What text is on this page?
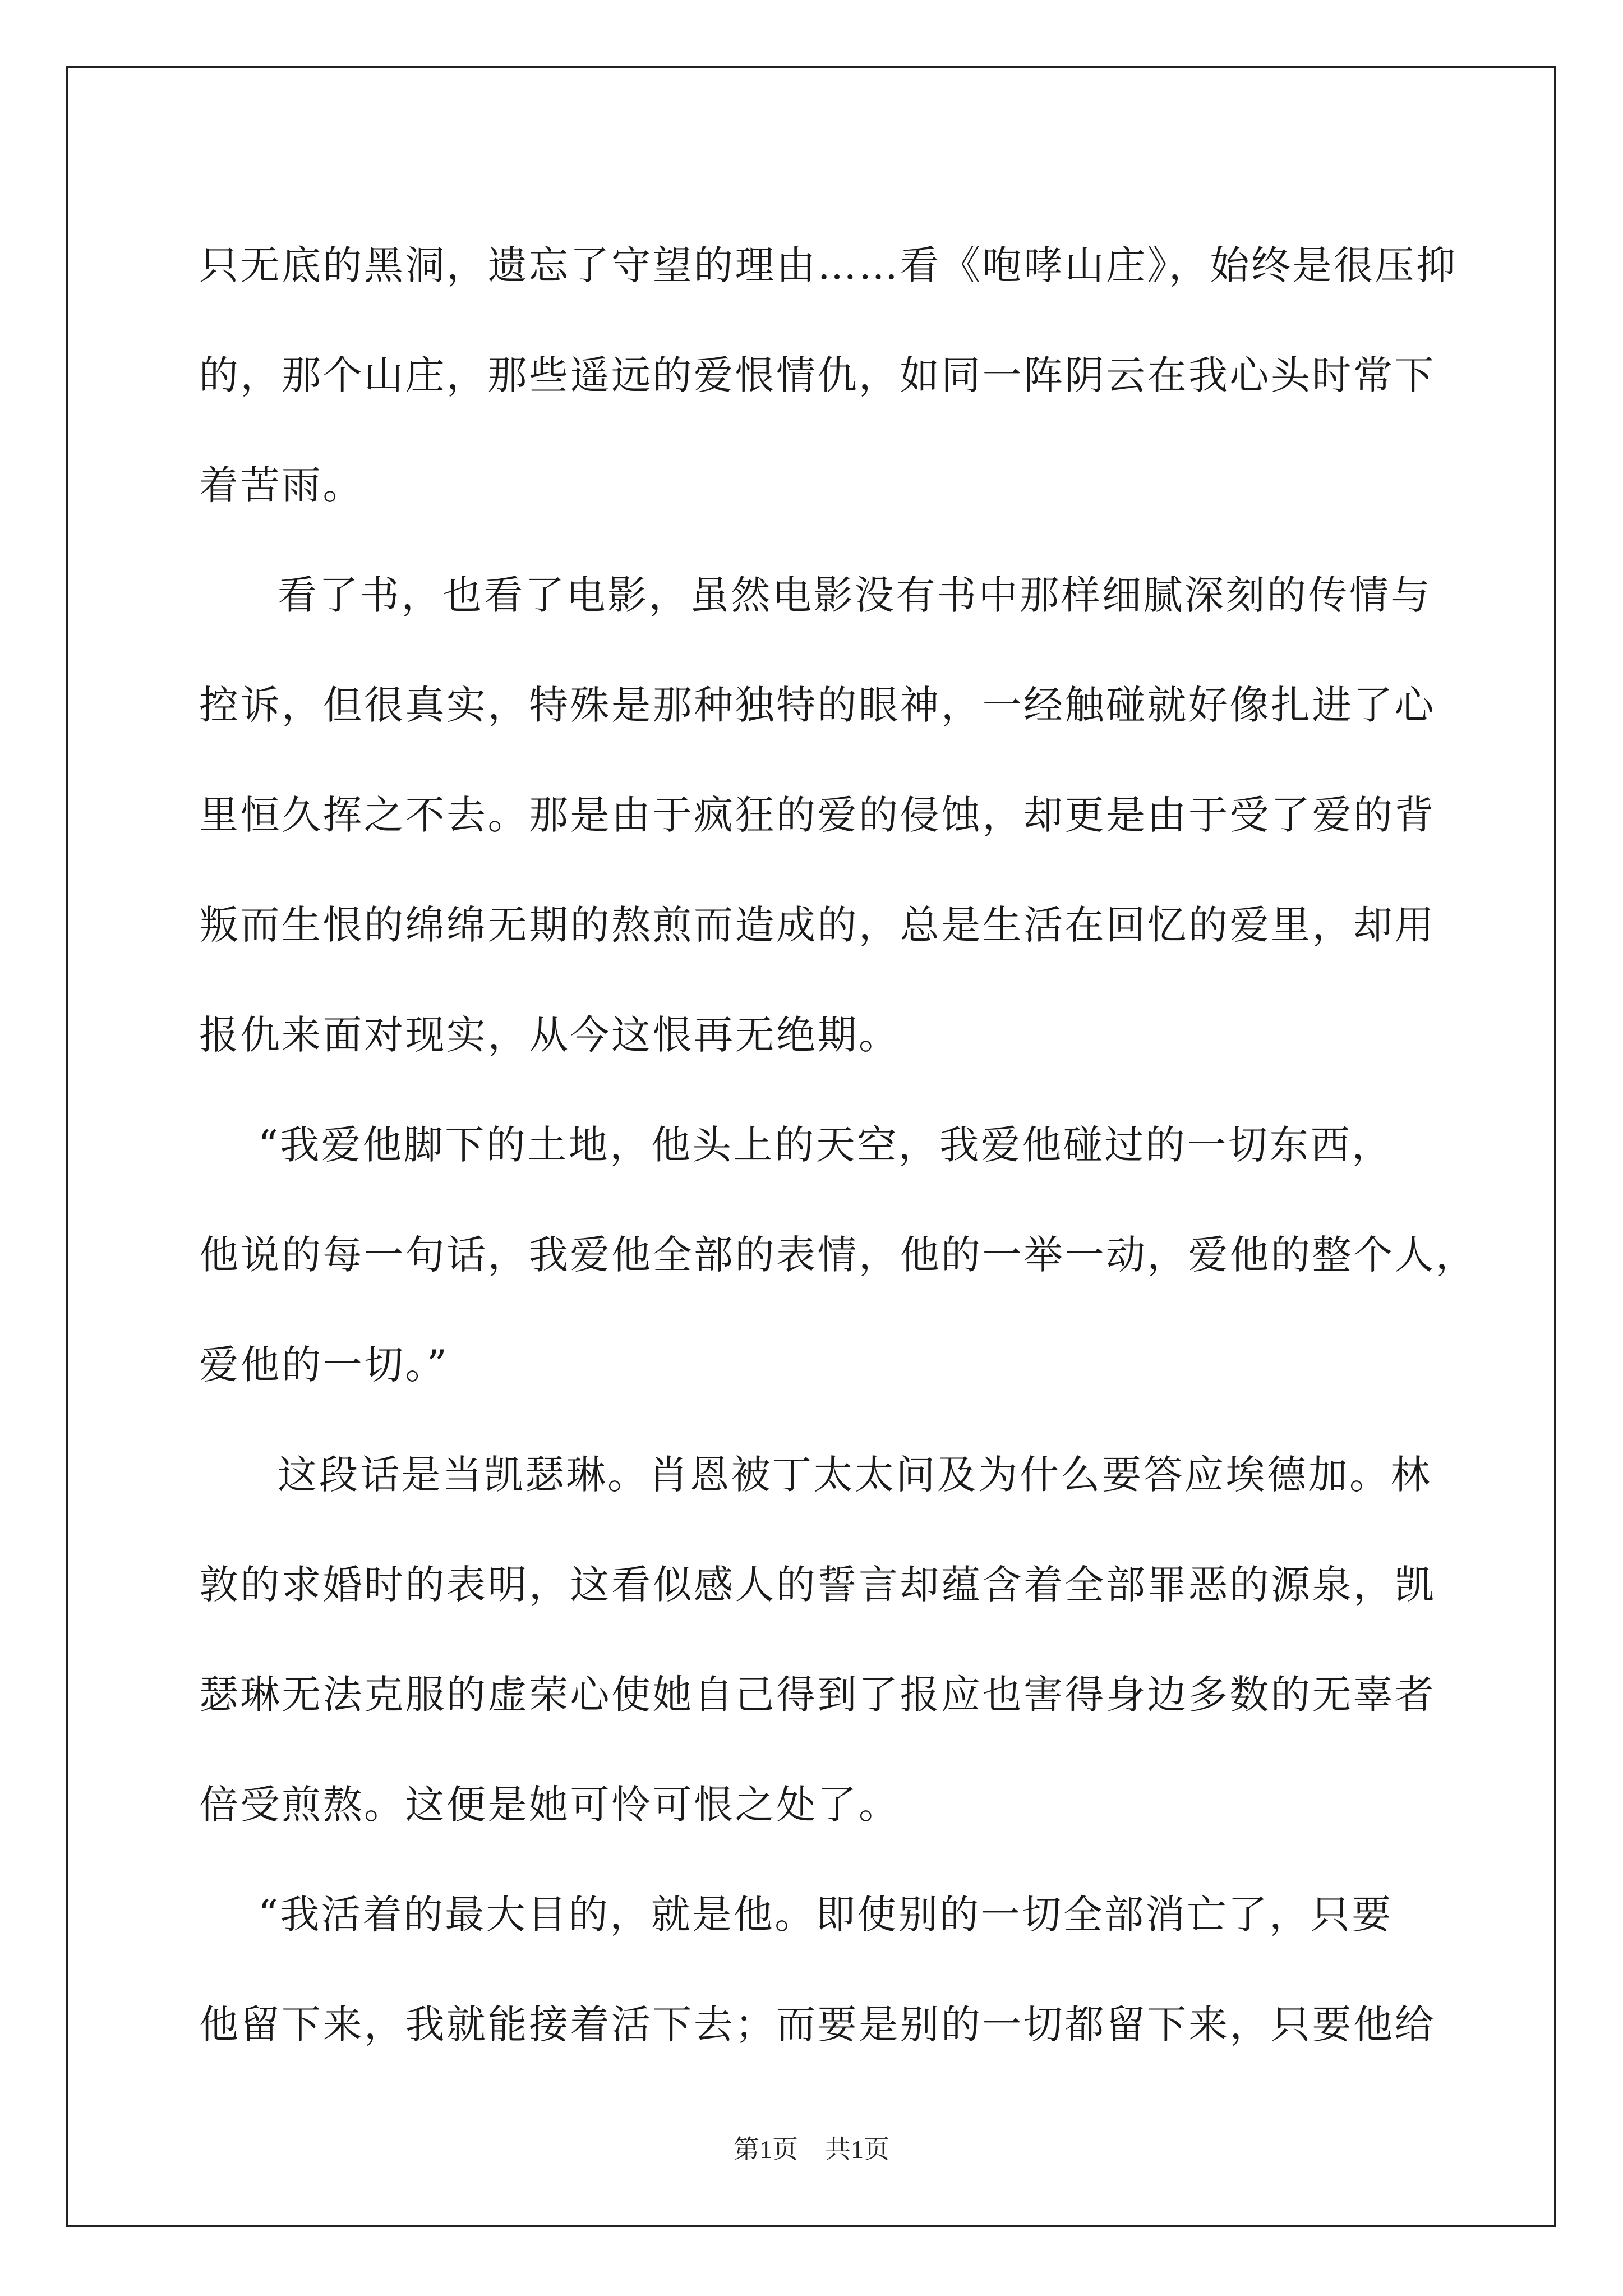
只无底的黑洞，遗忘了守望的理由……看《咆哮山庄》，始终是很压抑
的，那个山庄，那些遥远的爱恨情仇，如同一阵阴云在我心头时常下
着苦雨。
看了书，也看了电影，虽然电影没有书中那样细腻深刻的传情与
控诉，但很真实，特殊是那种独特的眼神，一经触碰就好像扎进了心
里恒久挥之不去。那是由于疯狂的爱的侵蚀，却更是由于受了爱的背
叛而生恨的绵绵无期的熬煎而造成的，总是生活在回忆的爱里，却用
报仇来面对现实，从今这恨再无绝期。
“我爱他脚下的土地，他头上的天空，我爱他碰过的一切东西，
他说的每一句话，我爱他全部的表情，他的一举一动，爱他的整个人，
爱他的一切。”
这段话是当凯瑟琳。肖恩被丁太太问及为什么要答应埃德加。林
敦的求婚时的表明，这看似感人的誓言却蕴含着全部罪恶的源泉，凯
瑟琳无法克服的虚荣心使她自己得到了报应也害得身边多数的无辜者
倍受煎熬。这便是她可怜可恨之处了。
“我活着的最大目的，就是他。即使别的一切全部消亡了，只要
他留下来，我就能接着活下去；而要是别的一切都留下来，只要他给
第1页 共1页
